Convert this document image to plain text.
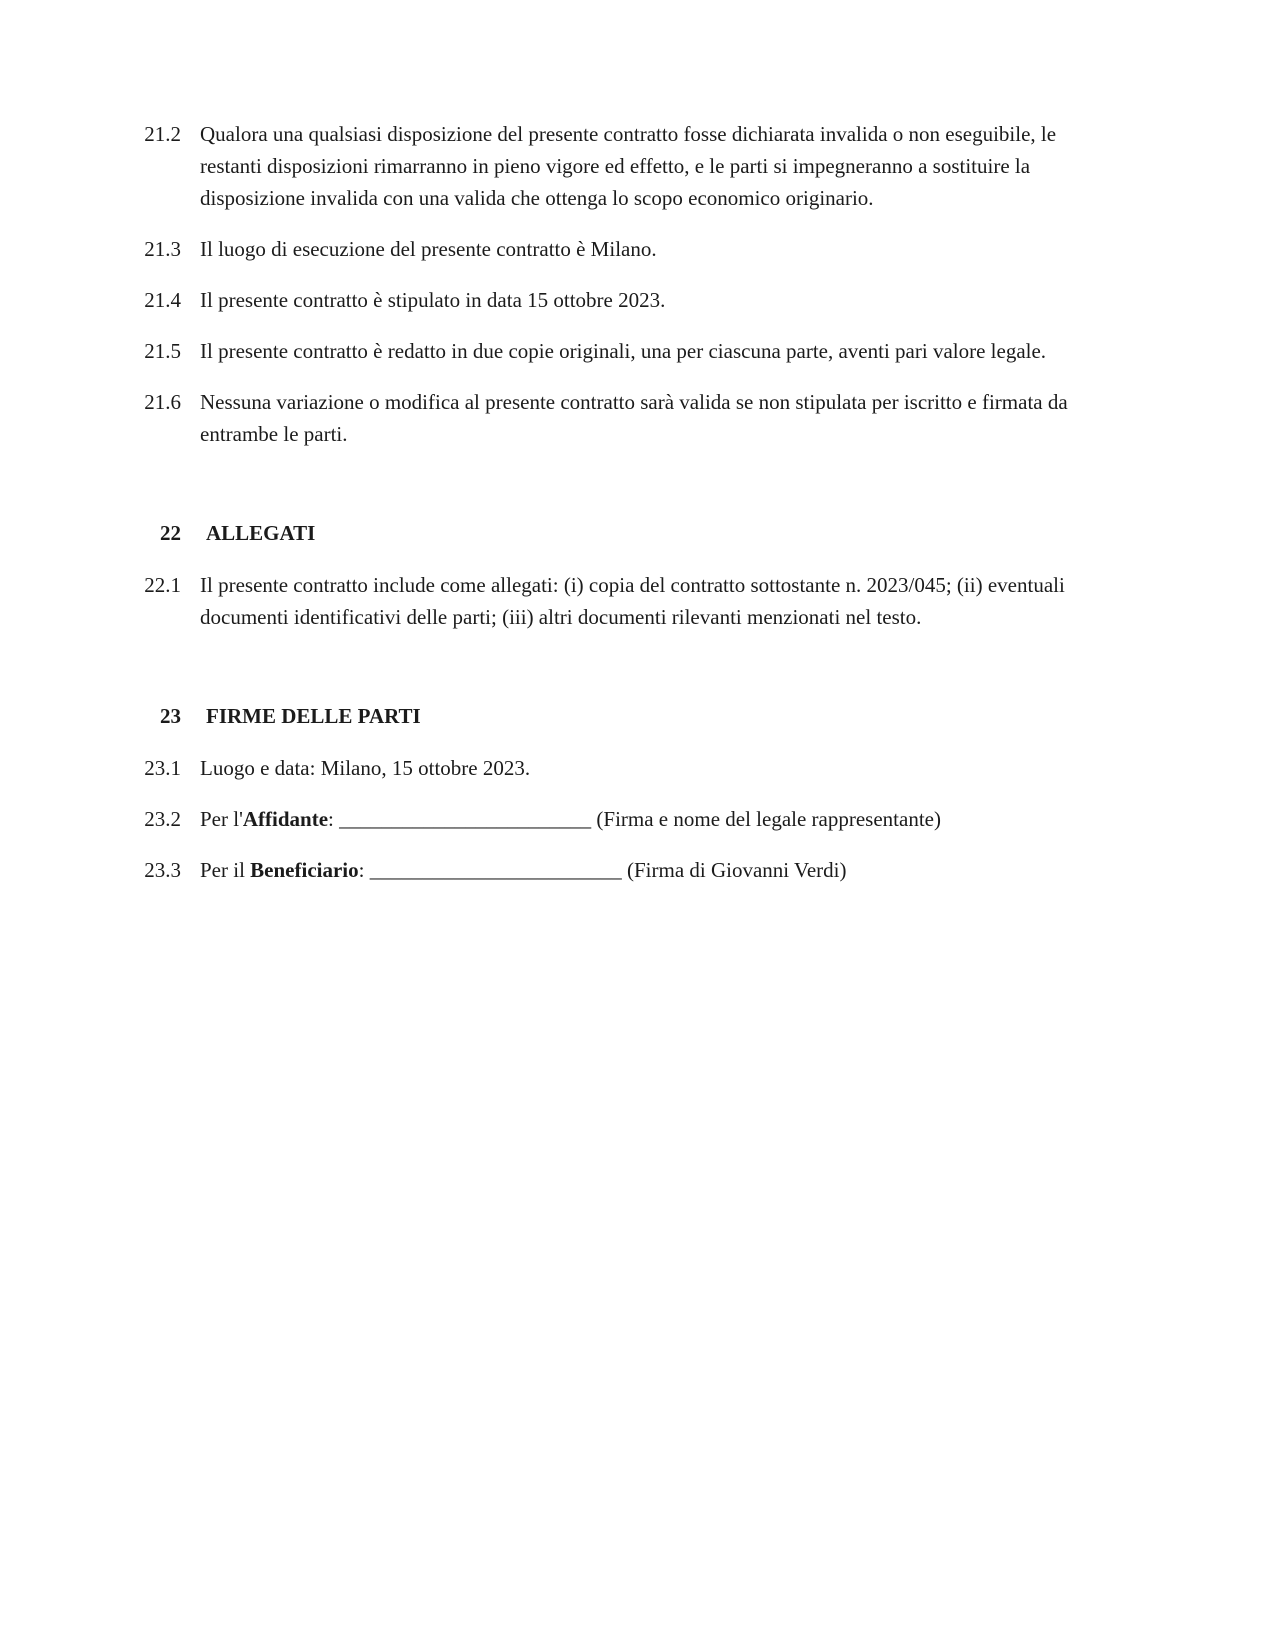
21.2 Qualora una qualsiasi disposizione del presente contratto fosse dichiarata invalida o non eseguibile, le restanti disposizioni rimarranno in pieno vigore ed effetto, e le parti si impegneranno a sostituire la disposizione invalida con una valida che ottenga lo scopo economico originario.
21.3 Il luogo di esecuzione del presente contratto è Milano.
21.4 Il presente contratto è stipulato in data 15 ottobre 2023.
21.5 Il presente contratto è redatto in due copie originali, una per ciascuna parte, aventi pari valore legale.
21.6 Nessuna variazione o modifica al presente contratto sarà valida se non stipulata per iscritto e firmata da entrambe le parti.
22 ALLEGATI
22.1 Il presente contratto include come allegati: (i) copia del contratto sottostante n. 2023/045; (ii) eventuali documenti identificativi delle parti; (iii) altri documenti rilevanti menzionati nel testo.
23 FIRME DELLE PARTI
23.1 Luogo e data: Milano, 15 ottobre 2023.
23.2 Per l'Affidante: ________________________ (Firma e nome del legale rappresentante)
23.3 Per il Beneficiario: ________________________ (Firma di Giovanni Verdi)
